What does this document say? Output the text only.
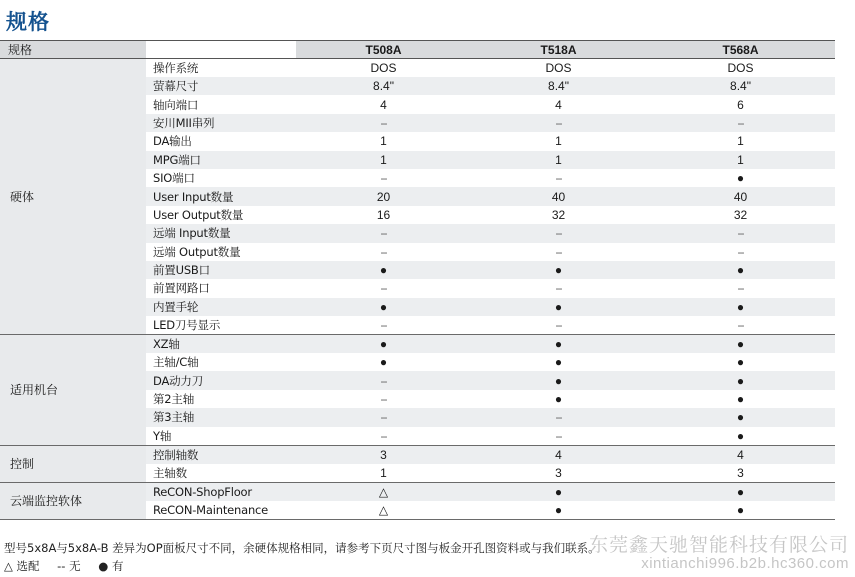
规格
规格		T508A	T518A	T568A
硬体	操作系统	DOS	DOS	DOS
	萤幕尺寸	8.4"	8.4"	8.4"
	轴向端口	4	4	6
	安川MII串列	--	--	--
	DA输出	1	1	1
	MPG端口	1	1	1
	SIO端口	--	--	●
	User Input数量	20	40	40
	User Output数量	16	32	32
	远端 Input数量	--	--	--
	远端 Output数量	--	--	--
	前置USB口	●	●	●
	前置网路口	--	--	--
	内置手轮	●	●	●
	LED刀号显示	--	--	--
适用机台	XZ轴	●	●	●
	主轴/C轴	●	●	●
	DA动力刀	--	●	●
	第2主轴	--	●	●
	第3主轴	--	--	●
	Y轴	--	--	●
控制	控制轴数	3	4	4
	主轴数	1	3	3
云端监控软体	ReCON-ShopFloor	△	●	●
	ReCON-Maintenance	△	●	●
型号5x8A与5x8A-B 差异为OP面板尺寸不同，余硬体规格相同，请参考下页尺寸图与板金开孔图资料或与我们联系。
△ 选配 -- 无 ● 有
东莞鑫天驰智能科技有限公司
xintianchi996.b2b.hc360.com
